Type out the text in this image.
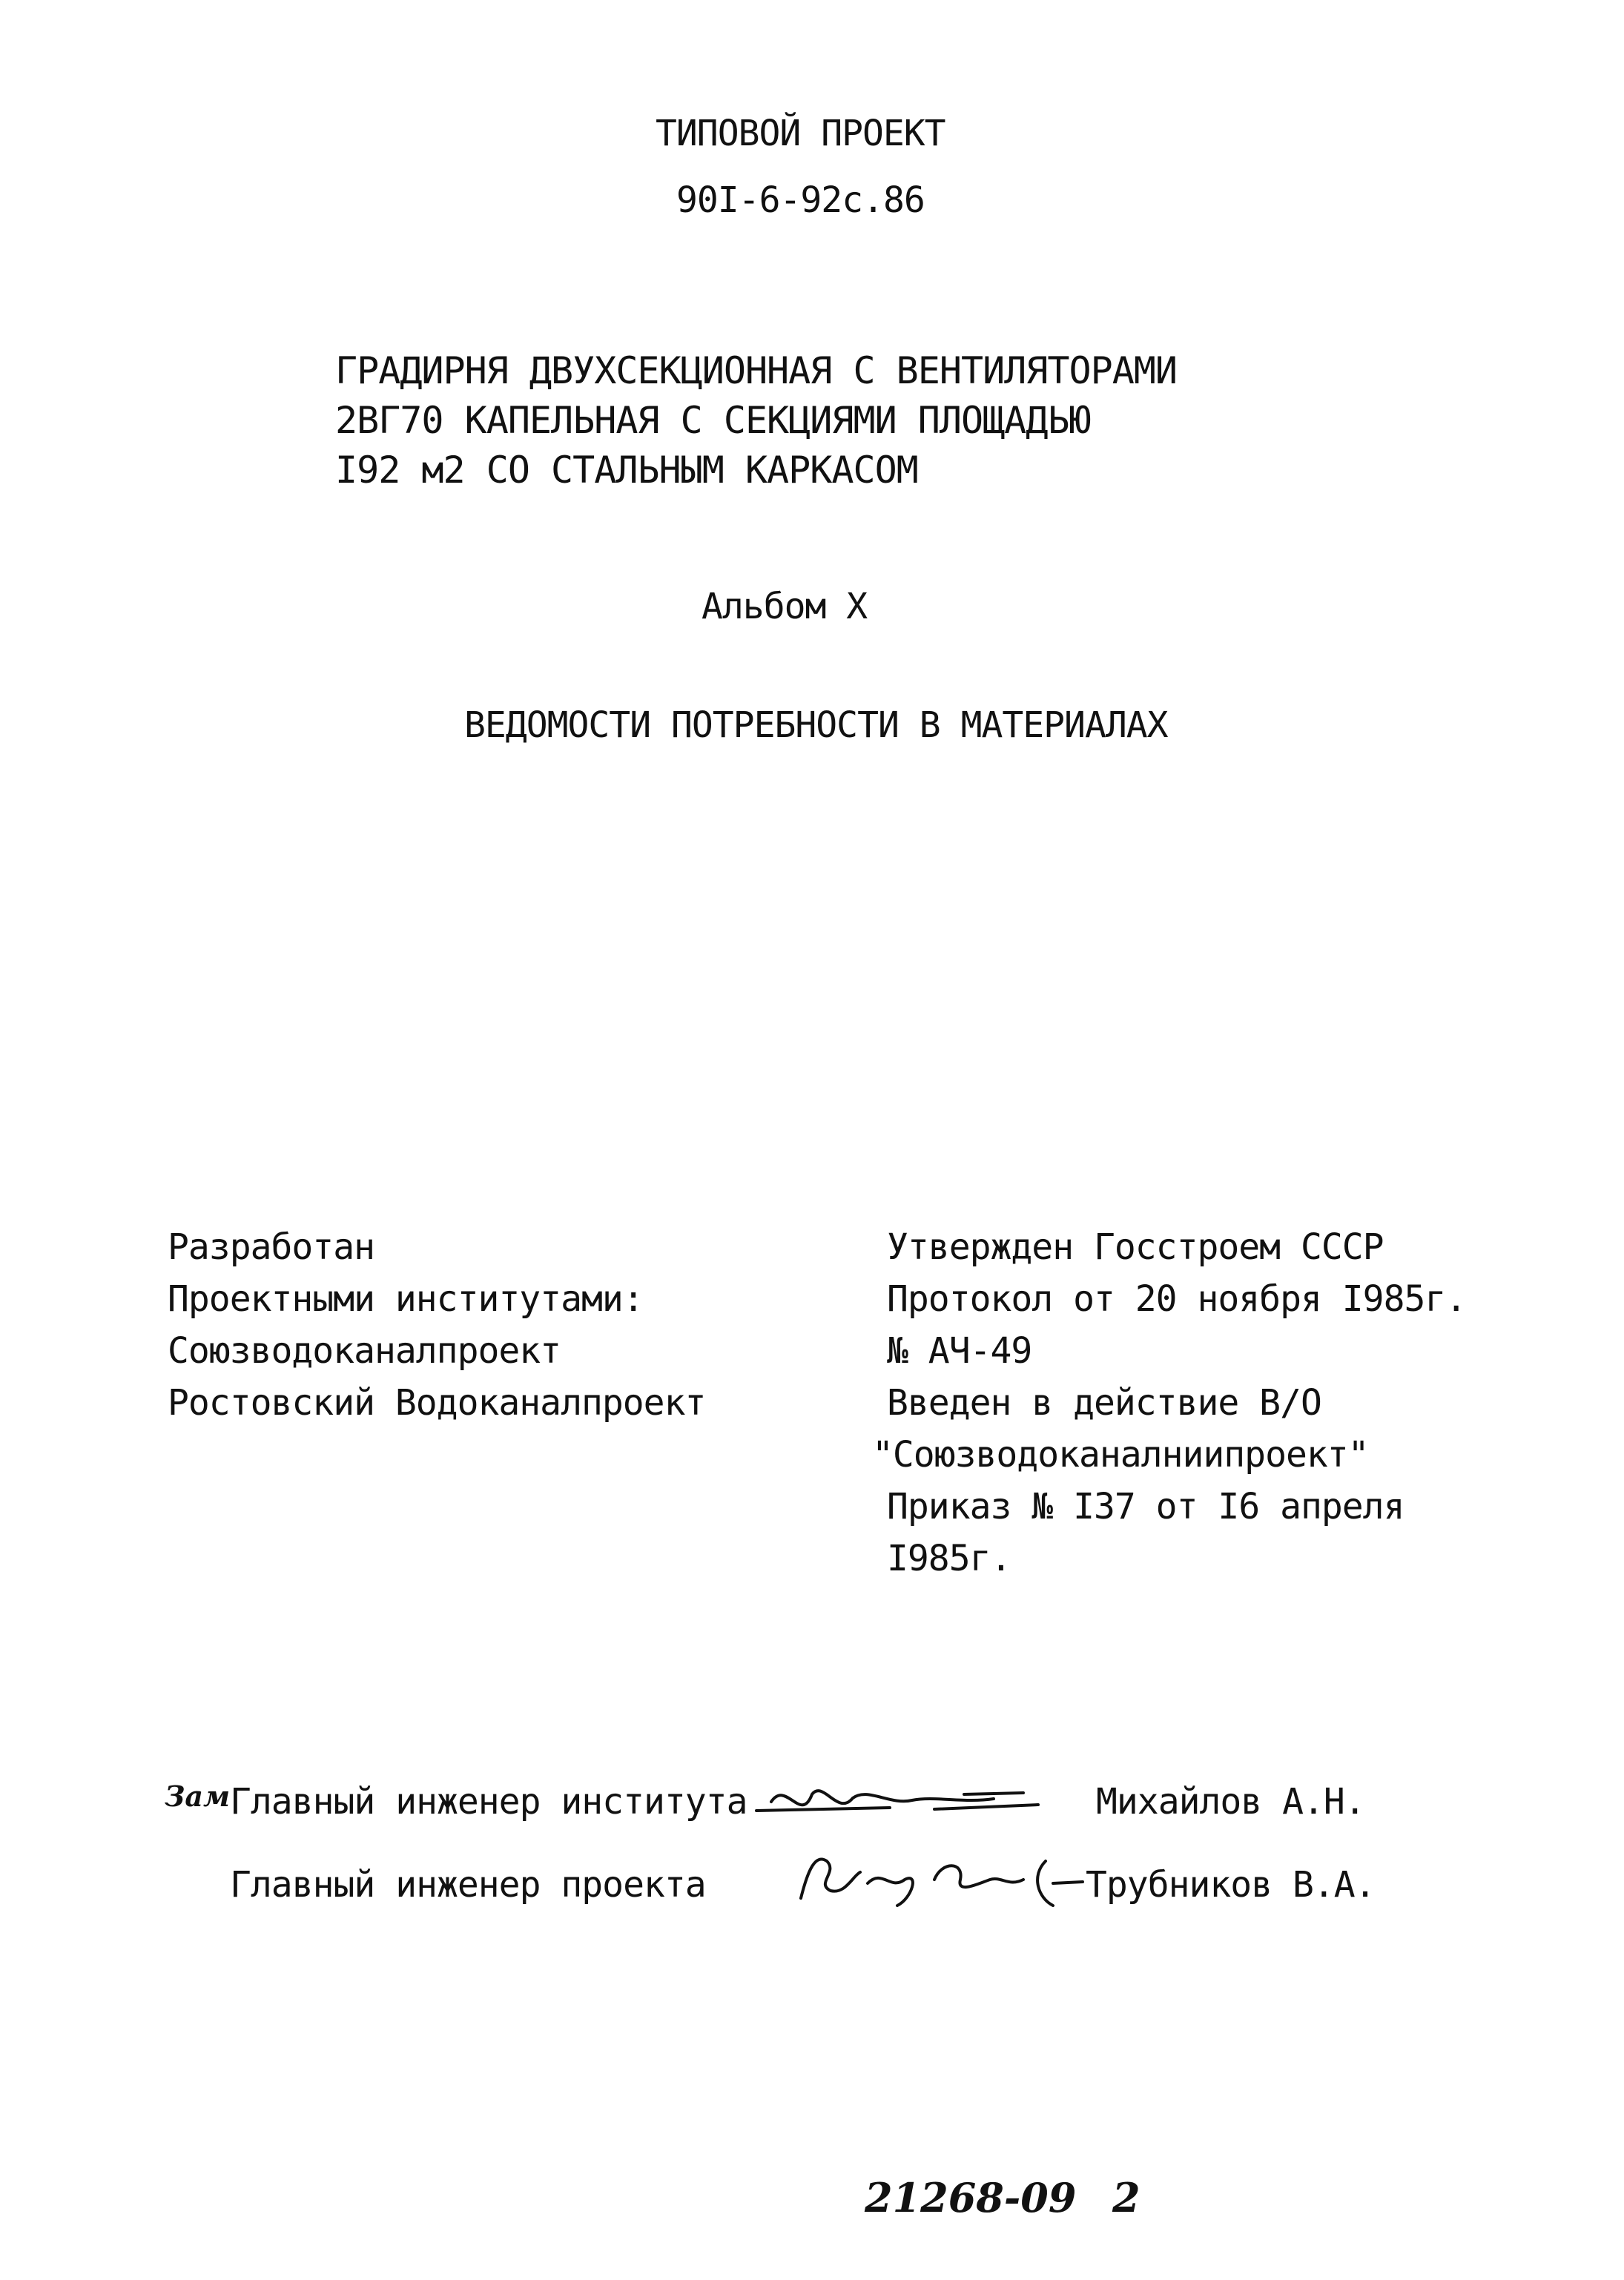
ТИПОВОЙ ПРОЕКТ
90I-6-92с.86
ГРАДИРНЯ ДВУХСЕКЦИОННАЯ С ВЕНТИЛЯТОРАМИ
2ВГ70 КАПЕЛЬНАЯ С СЕКЦИЯМИ ПЛОЩАДЬЮ
I92 м2 СО СТАЛЬНЫМ КАРКАСОМ
Альбом X
ВЕДОМОСТИ ПОТРЕБНОСТИ В МАТЕРИАЛАХ
Разработан
Проектными институтами:
Союзводоканалпроект
Ростовский Водоканалпроект
Утвержден Госстроем СССР
Протокол от 20 ноября I985г.
№ АЧ-49
Введен в действие В/О
"Союзводоканалниипроект"
Приказ № I37 от I6 апреля
I985г.
Зам Главный инженер института	Михайлов А.Н.
Главный инженер проекта	Трубников В.А.
21268-09 2
